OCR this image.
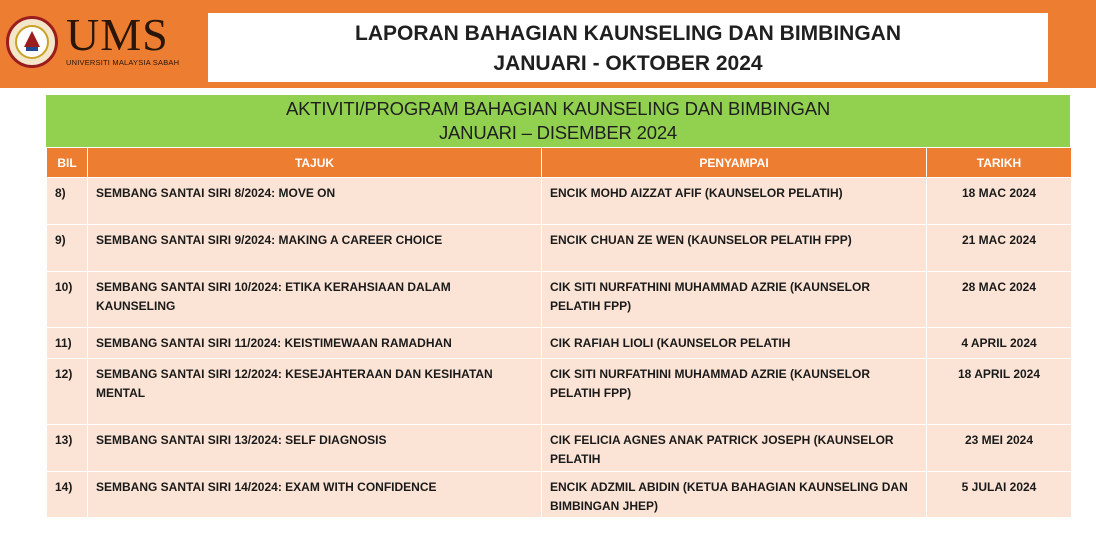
UMS
UNIVERSITI MALAYSIA SABAH
LAPORAN BAHAGIAN KAUNSELING DAN BIMBINGAN
JANUARI - OKTOBER 2024
AKTIVITI/PROGRAM BAHAGIAN KAUNSELING DAN BIMBINGAN
JANUARI – DISEMBER 2024
BIL	TAJUK	PENYAMPAI	TARIKH
8)	SEMBANG SANTAI SIRI 8/2024: MOVE ON	ENCIK MOHD AIZZAT AFIF (KAUNSELOR PELATIH)	18 MAC 2024
9)	SEMBANG SANTAI SIRI 9/2024: MAKING A CAREER CHOICE	ENCIK CHUAN ZE WEN (KAUNSELOR PELATIH FPP)	21 MAC 2024
10)	SEMBANG SANTAI SIRI 10/2024: ETIKA KERAHSIAAN DALAM KAUNSELING	CIK SITI NURFATHINI MUHAMMAD AZRIE (KAUNSELOR PELATIH FPP)	28 MAC 2024
11)	SEMBANG SANTAI SIRI 11/2024: KEISTIMEWAAN RAMADHAN	CIK RAFIAH LIOLI (KAUNSELOR PELATIH	4 APRIL 2024
12)	SEMBANG SANTAI SIRI 12/2024: KESEJAHTERAAN DAN KESIHATAN MENTAL	CIK SITI NURFATHINI MUHAMMAD AZRIE (KAUNSELOR PELATIH FPP)	18 APRIL 2024
13)	SEMBANG SANTAI SIRI 13/2024: SELF DIAGNOSIS	CIK FELICIA AGNES ANAK PATRICK JOSEPH (KAUNSELOR PELATIH	23 MEI 2024
14)	SEMBANG SANTAI SIRI 14/2024: EXAM WITH CONFIDENCE	ENCIK ADZMIL ABIDIN (KETUA BAHAGIAN KAUNSELING DAN BIMBINGAN JHEP)	5 JULAI 2024
